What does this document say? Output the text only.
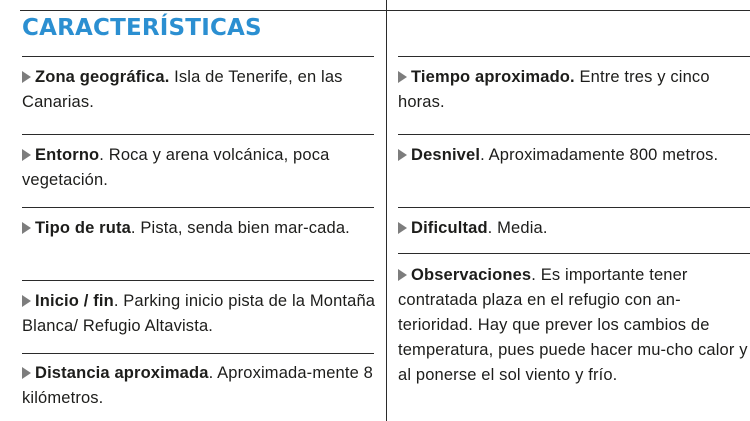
CARACTERÍSTICAS
Zona geográfica. Isla de Tenerife, en las Canarias.
Entorno. Roca y arena volcánica, poca vegetación.
Tipo de ruta. Pista, senda bien mar-cada.
Inicio / fin. Parking inicio pista de la Montaña Blanca/ Refugio Altavista.
Distancia aproximada. Aproximada-mente 8 kilómetros.
Tiempo aproximado. Entre tres y cinco horas.
Desnivel. Aproximadamente 800 metros.
Dificultad. Media.
Observaciones. Es importante tener contratada plaza en el refugio con an-terioridad. Hay que prever los cambios de temperatura, pues puede hacer mu-cho calor y al ponerse el sol viento y frío.
